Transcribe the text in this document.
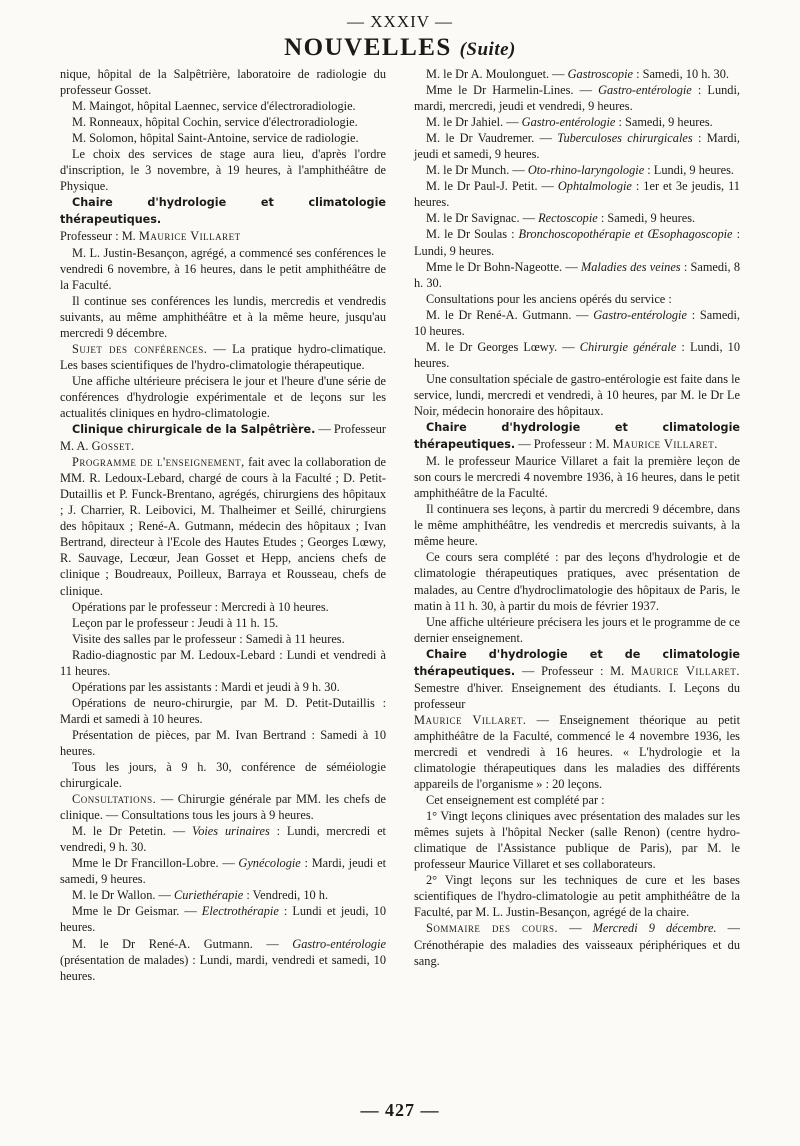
— XXXIV —
NOUVELLES (Suite)

nique, hôpital de la Salpêtrière, laboratoire de radiologie du professeur Gosset.

M. Maingot, hôpital Laennec, service d'électroradiologie.

M. Ronneaux, hôpital Cochin, service d'électroradiologie.

M. Solomon, hôpital Saint-Antoine, service de radiologie.

Le choix des services de stage aura lieu, d'après l'ordre d'inscription, le 3 novembre, à 19 heures, à l'amphithéâtre de Physique.

Chaire d'hydrologie et climatologie thérapeutiques.

Professeur : M. Maurice Villaret

M. L. Justin-Besançon, agrégé, a commencé ses conférences le vendredi 6 novembre, à 16 heures, dans le petit amphithéâtre de la Faculté.

Il continue ses conférences les lundis, mercredis et vendredis suivants, au même amphithéâtre et à la même heure, jusqu'au mercredi 9 décembre.

Sujet des conférences. — La pratique hydro-climatique. Les bases scientifiques de l'hydro-climatologie thérapeutique.

Une affiche ultérieure précisera le jour et l'heure d'une série de conférences d'hydrologie expérimentale et de leçons sur les actualités cliniques en hydro-climatologie.

Clinique chirurgicale de la Salpêtrière. — Professeur M. A. Gosset.

Programme de l'enseignement, fait avec la collaboration de MM. R. Ledoux-Lebard, chargé de cours à la Faculté ; D. Petit-Dutaillis et P. Funck-Brentano, agrégés, chirurgiens des hôpitaux ; J. Charrier, R. Leibovici, M. Thalheimer et Seillé, chirurgiens des hôpitaux ; René-A. Gutmann, médecin des hôpitaux ; Ivan Bertrand, directeur à l'Ecole des Hautes Etudes ; Georges Lœwy, R. Sauvage, Lecœur, Jean Gosset et Hepp, anciens chefs de clinique ; Boudreaux, Poilleux, Barraya et Rousseau, chefs de clinique.

Opérations par le professeur : Mercredi à 10 heures.

Leçon par le professeur : Jeudi à 11 h. 15.

Visite des salles par le professeur : Samedi à 11 heures.

Radio-diagnostic par M. Ledoux-Lebard : Lundi et vendredi à 11 heures.

Opérations par les assistants : Mardi et jeudi à 9 h. 30.

Opérations de neuro-chirurgie, par M. D. Petit-Dutaillis : Mardi et samedi à 10 heures.

Présentation de pièces, par M. Ivan Bertrand : Samedi à 10 heures.

Tous les jours, à 9 h. 30, conférence de séméiologie chirurgicale.

Consultations. — Chirurgie générale par MM. les chefs de clinique. — Consultations tous les jours à 9 heures.

M. le Dr Petetin. — Voies urinaires : Lundi, mercredi et vendredi, 9 h. 30.

Mme le Dr Francillon-Lobre. — Gynécologie : Mardi, jeudi et samedi, 9 heures.

M. le Dr Wallon. — Curiethérapie : Vendredi, 10 h.

Mme le Dr Geismar. — Electrothérapie : Lundi et jeudi, 10 heures.

M. le Dr René-A. Gutmann. — Gastro-entérologie (présentation de malades) : Lundi, mardi, vendredi et samedi, 10 heures.

M. le Dr A. Moulonguet. — Gastroscopie : Samedi, 10 h. 30.

Mme le Dr Harmelin-Lines. — Gastro-entérologie : Lundi, mardi, mercredi, jeudi et vendredi, 9 heures.

M. le Dr Jahiel. — Gastro-entérologie : Samedi, 9 heures.

M. le Dr Vaudremer. — Tuberculoses chirurgicales : Mardi, jeudi et samedi, 9 heures.

M. le Dr Munch. — Oto-rhino-laryngologie : Lundi, 9 heures.

M. le Dr Paul-J. Petit. — Ophtalmologie : 1er et 3e jeudis, 11 heures.

M. le Dr Savignac. — Rectoscopie : Samedi, 9 heures.

M. le Dr Soulas : Bronchoscopothérapie et Œsophagoscopie : Lundi, 9 heures.

Mme le Dr Bohn-Nageotte. — Maladies des veines : Samedi, 8 h. 30.

Consultations pour les anciens opérés du service :

M. le Dr René-A. Gutmann. — Gastro-entérologie : Samedi, 10 heures.

M. le Dr Georges Lœwy. — Chirurgie générale : Lundi, 10 heures.

Une consultation spéciale de gastro-entérologie est faite dans le service, lundi, mercredi et vendredi, à 10 heures, par M. le Dr Le Noir, médecin honoraire des hôpitaux.

Chaire d'hydrologie et climatologie thérapeutiques. — Professeur : M. Maurice Villaret.

M. le professeur Maurice Villaret a fait la première leçon de son cours le mercredi 4 novembre 1936, à 16 heures, dans le petit amphithéâtre de la Faculté.

Il continuera ses leçons, à partir du mercredi 9 décembre, dans le même amphithéâtre, les vendredis et mercredis suivants, à la même heure.

Ce cours sera complété : par des leçons d'hydrologie et de climatologie thérapeutiques pratiques, avec présentation de malades, au Centre d'hydroclimatologie des hôpitaux de Paris, le matin à 11 h. 30, à partir du mois de février 1937.

Une affiche ultérieure précisera les jours et le programme de ce dernier enseignement.

Chaire d'hydrologie et de climatologie thérapeutiques. — Professeur : M. Maurice Villaret. Semestre d'hiver. Enseignement des étudiants. I. Leçons du professeur

Maurice Villaret. — Enseignement théorique au petit amphithéâtre de la Faculté, commencé le 4 novembre 1936, les mercredi et vendredi à 16 heures. « L'hydrologie et la climatologie thérapeutiques dans les maladies des différents appareils de l'organisme » : 20 leçons.

Cet enseignement est complété par :

1° Vingt leçons cliniques avec présentation des malades sur les mêmes sujets à l'hôpital Necker (salle Renon) (centre hydro-climatique de l'Assistance publique de Paris), par M. le professeur Maurice Villaret et ses collaborateurs.

2° Vingt leçons sur les techniques de cure et les bases scientifiques de l'hydro-climatologie au petit amphithéâtre de la Faculté, par M. L. Justin-Besançon, agrégé de la chaire.

Sommaire des cours. — Mercredi 9 décembre. — Crénothérapie des maladies des vaisseaux périphériques et du sang.

— 427 —
